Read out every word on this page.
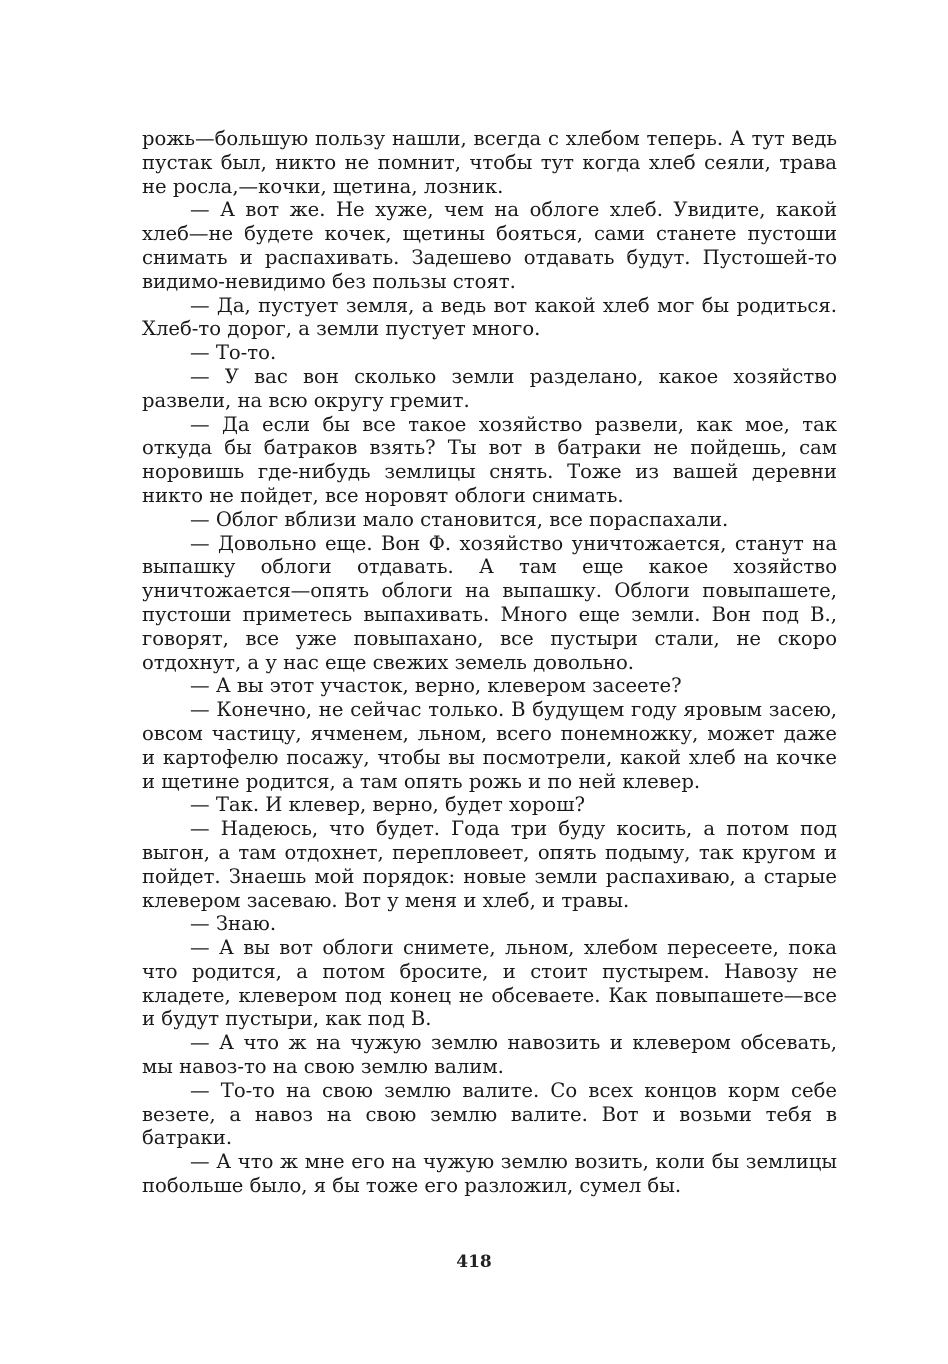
рожь—большую пользу нашли, всегда с хлебом теперь. А тут ведь пустак был, никто не помнит, чтобы тут когда хлеб сеяли, трава не росла,—кочки, щетина, лозник.

— А вот же. Не хуже, чем на облоге хлеб. Увидите, какой хлеб—не будете кочек, щетины бояться, сами станете пустоши снимать и распахивать. Задешево отдавать будут. Пустошей-то видимо-невидимо без пользы стоят.

— Да, пустует земля, а ведь вот какой хлеб мог бы родиться. Хлеб-то дорог, а земли пустует много.

— То-то.

— У вас вон сколько земли разделано, какое хозяйство развели, на всю округу гремит.

— Да если бы все такое хозяйство развели, как мое, так откуда бы батраков взять? Ты вот в батраки не пойдешь, сам норовишь где-нибудь землицы снять. Тоже из вашей деревни никто не пойдет, все норовят облоги снимать.

— Облог вблизи мало становится, все пораспахали.

— Довольно еще. Вон Ф. хозяйство уничтожается, станут на выпашку облоги отдавать. А там еще какое хозяйство уничтожается—опять облоги на выпашку. Облоги повыпашете, пустоши приметесь выпахивать. Много еще земли. Вон под В., говорят, все уже повыпахано, все пустыри стали, не скоро отдохнут, а у нас еще свежих земель довольно.

— А вы этот участок, верно, клевером засеете?

— Конечно, не сейчас только. В будущем году яровым засею, овсом частицу, ячменем, льном, всего понемножку, может даже и картофелю посажу, чтобы вы посмотрели, какой хлеб на кочке и щетине родится, а там опять рожь и по ней клевер.

— Так. И клевер, верно, будет хорош?

— Надеюсь, что будет. Года три буду косить, а потом под выгон, а там отдохнет, перепловеет, опять подыму, так кругом и пойдет. Знаешь мой порядок: новые земли распахиваю, а старые клевером засеваю. Вот у меня и хлеб, и травы.

— Знаю.

— А вы вот облоги снимете, льном, хлебом пересеете, пока что родится, а потом бросите, и стоит пустырем. Навозу не кладете, клевером под конец не обсеваете. Как повыпашете—все и будут пустыри, как под В.

— А что ж на чужую землю навозить и клевером обсевать, мы навоз-то на свою землю валим.

— То-то на свою землю валите. Со всех концов корм себе везете, а навоз на свою землю валите. Вот и возьми тебя в батраки.

— А что ж мне его на чужую землю возить, коли бы землицы побольше было, я бы тоже его разложил, сумел бы.

418
